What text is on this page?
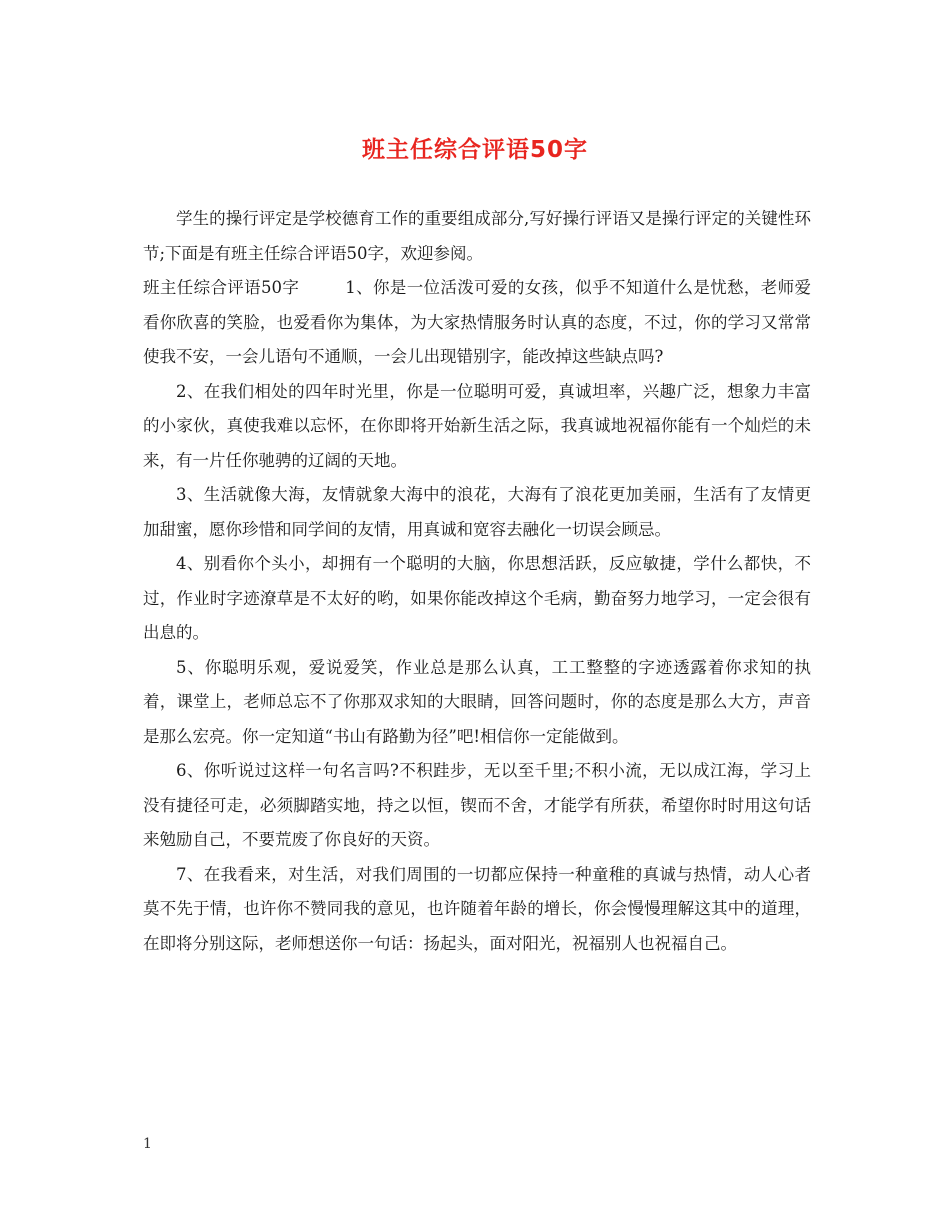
班主任综合评语50字

学生的操行评定是学校德育工作的重要组成部分,写好操行评语又是操行评定的关键性环节;下面是有班主任综合评语50字，欢迎参阅。

班主任综合评语50字	1、你是一位活泼可爱的女孩，似乎不知道什么是忧愁，老师爱看你欣喜的笑脸，也爱看你为集体，为大家热情服务时认真的态度，不过，你的学习又常常使我不安，一会儿语句不通顺，一会儿出现错别字，能改掉这些缺点吗?

2、在我们相处的四年时光里，你是一位聪明可爱，真诚坦率，兴趣广泛，想象力丰富的小家伙，真使我难以忘怀，在你即将开始新生活之际，我真诚地祝福你能有一个灿烂的未来，有一片任你驰骋的辽阔的天地。

3、生活就像大海，友情就象大海中的浪花，大海有了浪花更加美丽，生活有了友情更加甜蜜，愿你珍惜和同学间的友情，用真诚和宽容去融化一切误会顾忌。

4、别看你个头小，却拥有一个聪明的大脑，你思想活跃，反应敏捷，学什么都快，不过，作业时字迹潦草是不太好的哟，如果你能改掉这个毛病，勤奋努力地学习，一定会很有出息的。

5、你聪明乐观，爱说爱笑，作业总是那么认真，工工整整的字迹透露着你求知的执着，课堂上，老师总忘不了你那双求知的大眼睛，回答问题时，你的态度是那么大方，声音是那么宏亮。你一定知道“书山有路勤为径”吧!相信你一定能做到。

6、你听说过这样一句名言吗?不积跬步，无以至千里;不积小流，无以成江海，学习上没有捷径可走，必须脚踏实地，持之以恒，锲而不舍，才能学有所获，希望你时时用这句话来勉励自己，不要荒废了你良好的天资。

7、在我看来，对生活，对我们周围的一切都应保持一种童稚的真诚与热情，动人心者莫不先于情，也许你不赞同我的意见，也许随着年龄的增长，你会慢慢理解这其中的道理，在即将分别这际，老师想送你一句话：扬起头，面对阳光，祝福别人也祝福自己。

1
